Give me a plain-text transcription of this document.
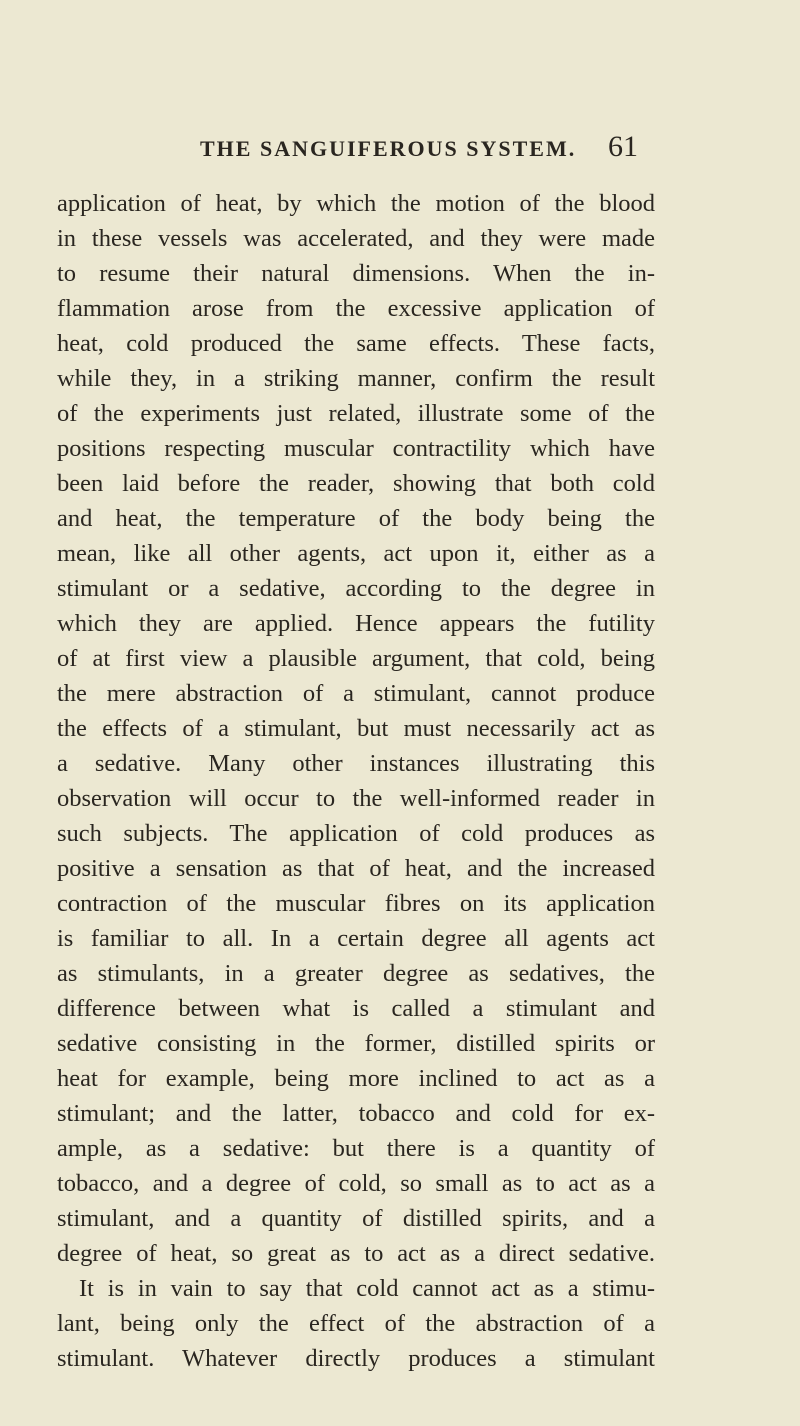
THE SANGUIFEROUS SYSTEM. 61
application of heat, by which the motion of the blood
in these vessels was accelerated, and they were made
to resume their natural dimensions. When the in-
flammation arose from the excessive application of
heat, cold produced the same effects. These facts,
while they, in a striking manner, confirm the result
of the experiments just related, illustrate some of the
positions respecting muscular contractility which have
been laid before the reader, showing that both cold
and heat, the temperature of the body being the
mean, like all other agents, act upon it, either as a
stimulant or a sedative, according to the degree in
which they are applied. Hence appears the futility
of at first view a plausible argument, that cold, being
the mere abstraction of a stimulant, cannot produce
the effects of a stimulant, but must necessarily act as
a sedative. Many other instances illustrating this
observation will occur to the well-informed reader in
such subjects. The application of cold produces as
positive a sensation as that of heat, and the increased
contraction of the muscular fibres on its application
is familiar to all. In a certain degree all agents act
as stimulants, in a greater degree as sedatives, the
difference between what is called a stimulant and
sedative consisting in the former, distilled spirits or
heat for example, being more inclined to act as a
stimulant; and the latter, tobacco and cold for ex-
ample, as a sedative: but there is a quantity of
tobacco, and a degree of cold, so small as to act as a
stimulant, and a quantity of distilled spirits, and a
degree of heat, so great as to act as a direct sedative.
It is in vain to say that cold cannot act as a stimu-
lant, being only the effect of the abstraction of a
stimulant. Whatever directly produces a stimulant
